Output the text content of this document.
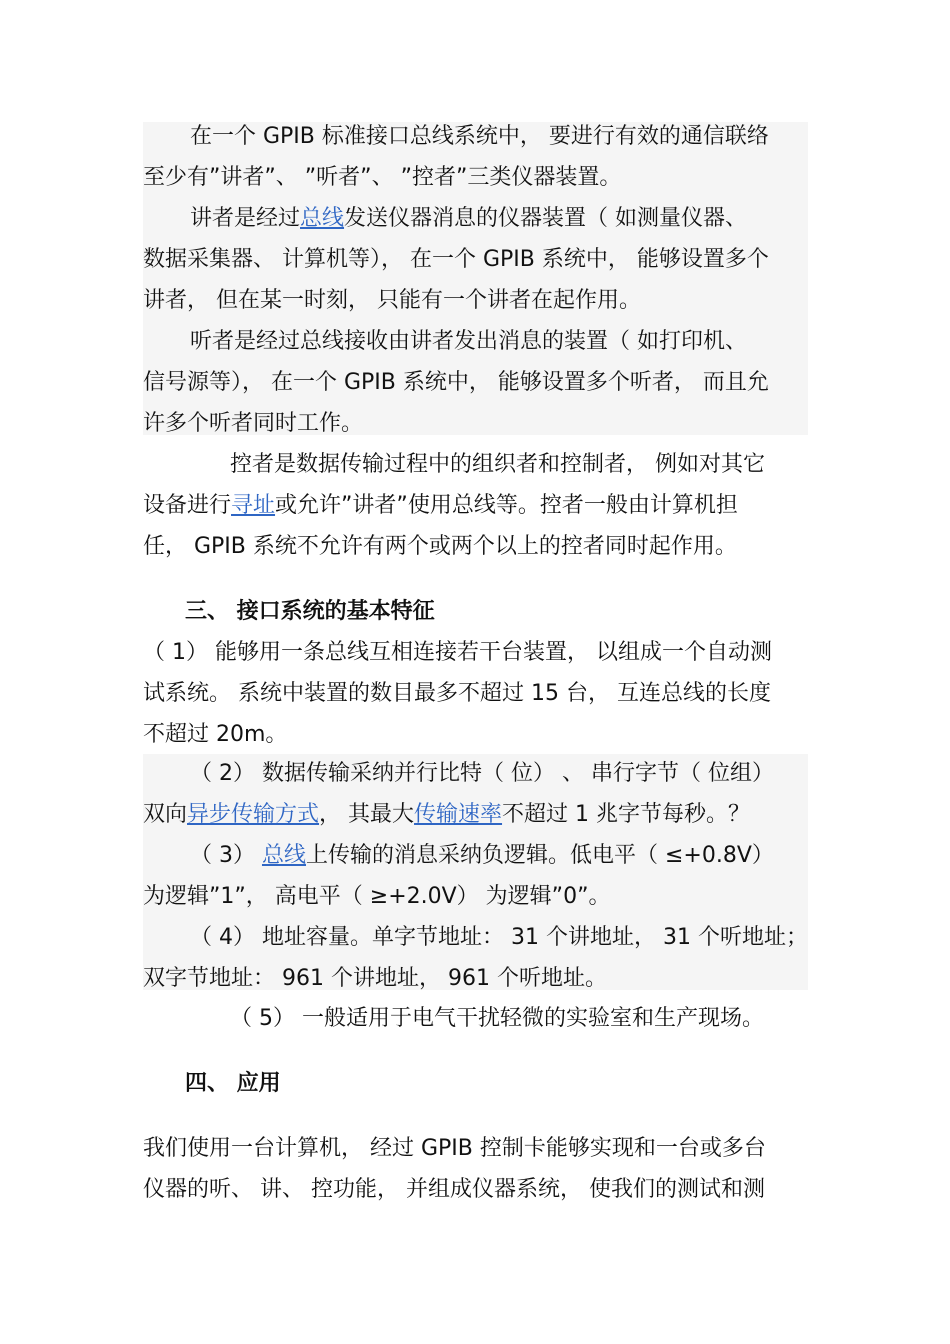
在一个 GPIB 标准接口总线系统中， 要进行有效的通信联络
至少有”讲者”、 ”听者”、 ”控者”三类仪器装置。
讲者是经过总线发送仪器消息的仪器装置（ 如测量仪器、
数据采集器、 计算机等）， 在一个 GPIB 系统中， 能够设置多个
讲者， 但在某一时刻， 只能有一个讲者在起作用。
听者是经过总线接收由讲者发出消息的装置（ 如打印机、
信号源等）， 在一个 GPIB 系统中， 能够设置多个听者， 而且允
许多个听者同时工作。
控者是数据传输过程中的组织者和控制者， 例如对其它
设备进行寻址或允许”讲者”使用总线等。控者一般由计算机担
任， GPIB 系统不允许有两个或两个以上的控者同时起作用。
三、 接口系统的基本特征
（ 1） 能够用一条总线互相连接若干台装置， 以组成一个自动测
试系统。 系统中装置的数目最多不超过 15 台， 互连总线的长度
不超过 20m。
（ 2） 数据传输采纳并行比特（ 位） 、 串行字节（ 位组）
双向异步传输方式， 其最大传输速率不超过 1 兆字节每秒。？
（ 3） 总线上传输的消息采纳负逻辑。低电平（ ≤+0.8V）
为逻辑”1”， 高电平（ ≥+2.0V） 为逻辑”0”。
（ 4） 地址容量。单字节地址： 31 个讲地址， 31 个听地址；
双字节地址： 961 个讲地址， 961 个听地址。
（ 5） 一般适用于电气干扰轻微的实验室和生产现场。
四、 应用
我们使用一台计算机， 经过 GPIB 控制卡能够实现和一台或多台
仪器的听、 讲、 控功能， 并组成仪器系统， 使我们的测试和测
